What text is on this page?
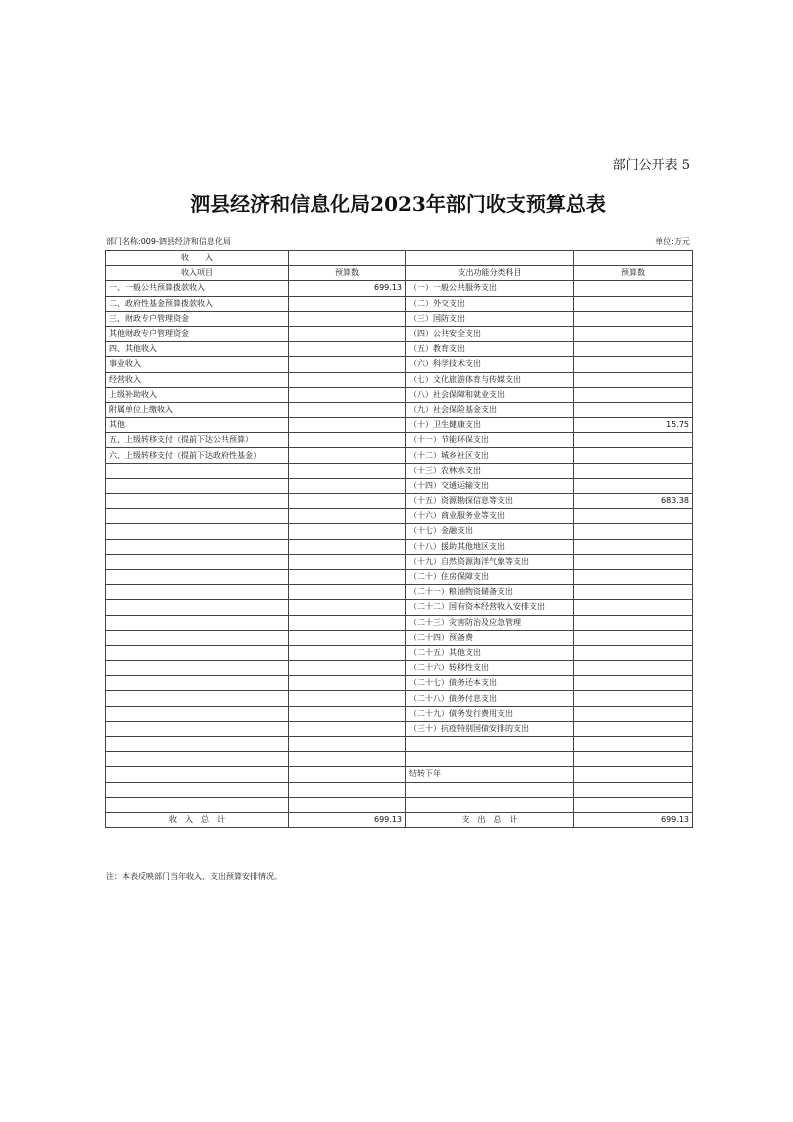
部门公开表 5
泗县经济和信息化局2023年部门收支预算总表
部门名称:009-泗县经济和信息化局	单位:万元
收　　入			
收入项目	预算数	支出功能分类科目	预算数
一、一般公共预算拨款收入	699.13	（一）一般公共服务支出	
二、政府性基金预算拨款收入		（二）外交支出	
三、财政专户管理资金		（三）国防支出	
其他财政专户管理资金		（四）公共安全支出	
四、其他收入		（五）教育支出	
事业收入		（六）科学技术支出	
经营收入		（七）文化旅游体育与传媒支出	
上级补助收入		（八）社会保障和就业支出	
附属单位上缴收入		（九）社会保险基金支出	
其他		（十）卫生健康支出	15.75
五、上级转移支付（提前下达公共预算）		（十一）节能环保支出	
六、上级转移支付（提前下达政府性基金）		（十二）城乡社区支出	
		（十三）农林水支出	
		（十四）交通运输支出	
		（十五）资源勘探信息等支出	683.38
		（十六）商业服务业等支出	
		（十七）金融支出	
		（十八）援助其他地区支出	
		（十九）自然资源海洋气象等支出	
		（二十）住房保障支出	
		（二十一）粮油物资储备支出	
		（二十二）国有资本经营收入安排支出	
		（二十三）灾害防治及应急管理	
		（二十四）预备费	
		（二十五）其他支出	
		（二十六）转移性支出	
		（二十七）债务还本支出	
		（二十八）债务付息支出	
		（二十九）债务发行费用支出	
		（三十）抗疫特别国债安排的支出	

		结转下年	

收　入　总　计	699.13	支　出　总　计	699.13
注：本表反映部门当年收入、支出预算安排情况。
